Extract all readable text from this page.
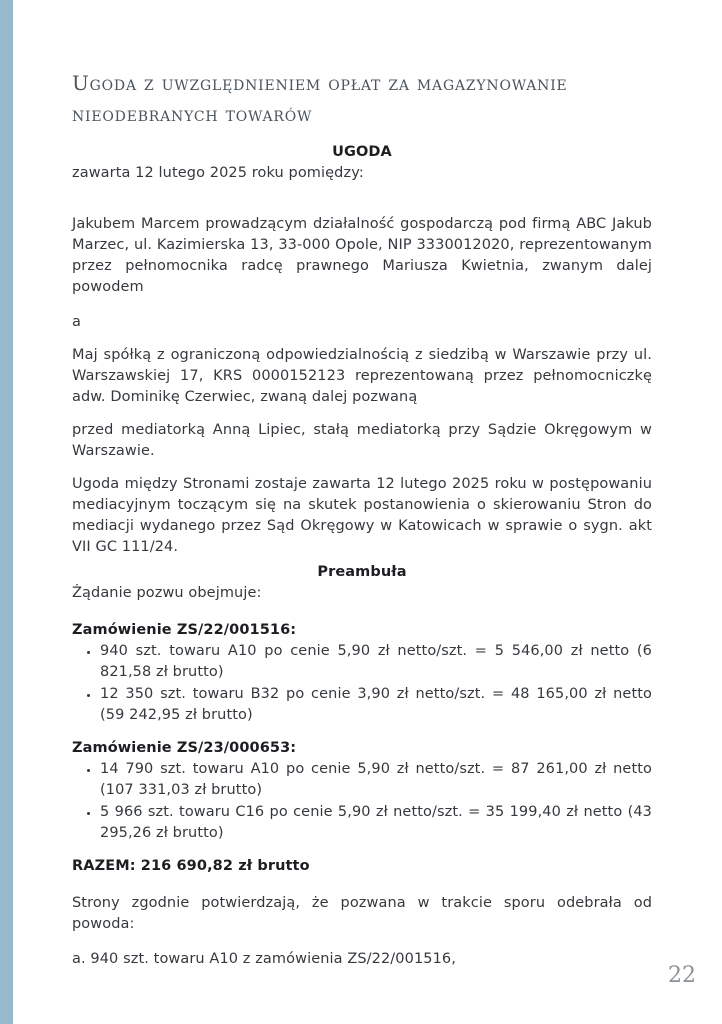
Ugoda z uwzględnieniem opłat za magazynowanie nieodebranych towarów

UGODA

zawarta 12 lutego 2025 roku pomiędzy:

Jakubem Marcem prowadzącym działalność gospodarczą pod firmą ABC Jakub Marzec, ul. Kazimierska 13, 33-000 Opole, NIP 3330012020, reprezentowanym przez pełnomocnika radcę prawnego Mariusza Kwietnia, zwanym dalej powodem

a

Maj spółką z ograniczoną odpowiedzialnością z siedzibą w Warszawie przy ul. Warszawskiej 17, KRS 0000152123 reprezentowaną przez pełnomocniczkę adw. Dominikę Czerwiec, zwaną dalej pozwaną

przed mediatorką Anną Lipiec, stałą mediatorką przy Sądzie Okręgowym w Warszawie.

Ugoda między Stronami zostaje zawarta 12 lutego 2025 roku w postępowaniu mediacyjnym toczącym się na skutek postanowienia o skierowaniu Stron do mediacji wydanego przez Sąd Okręgowy w Katowicach w sprawie o sygn. akt VII GC 111/24.

Preambuła

Żądanie pozwu obejmuje:

Zamówienie ZS/22/001516:

• 940 szt. towaru A10 po cenie 5,90 zł netto/szt. = 5 546,00 zł netto (6 821,58 zł brutto)
• 12 350 szt. towaru B32 po cenie 3,90 zł netto/szt. = 48 165,00 zł netto (59 242,95 zł brutto)

Zamówienie ZS/23/000653:

• 14 790 szt. towaru A10 po cenie 5,90 zł netto/szt. = 87 261,00 zł netto (107 331,03 zł brutto)
• 5 966 szt. towaru C16 po cenie 5,90 zł netto/szt. = 35 199,40 zł netto (43 295,26 zł brutto)

RAZEM: 216 690,82 zł brutto

Strony zgodnie potwierdzają, że pozwana w trakcie sporu odebrała od powoda:

a. 940 szt. towaru A10 z zamówienia ZS/22/001516,

22
